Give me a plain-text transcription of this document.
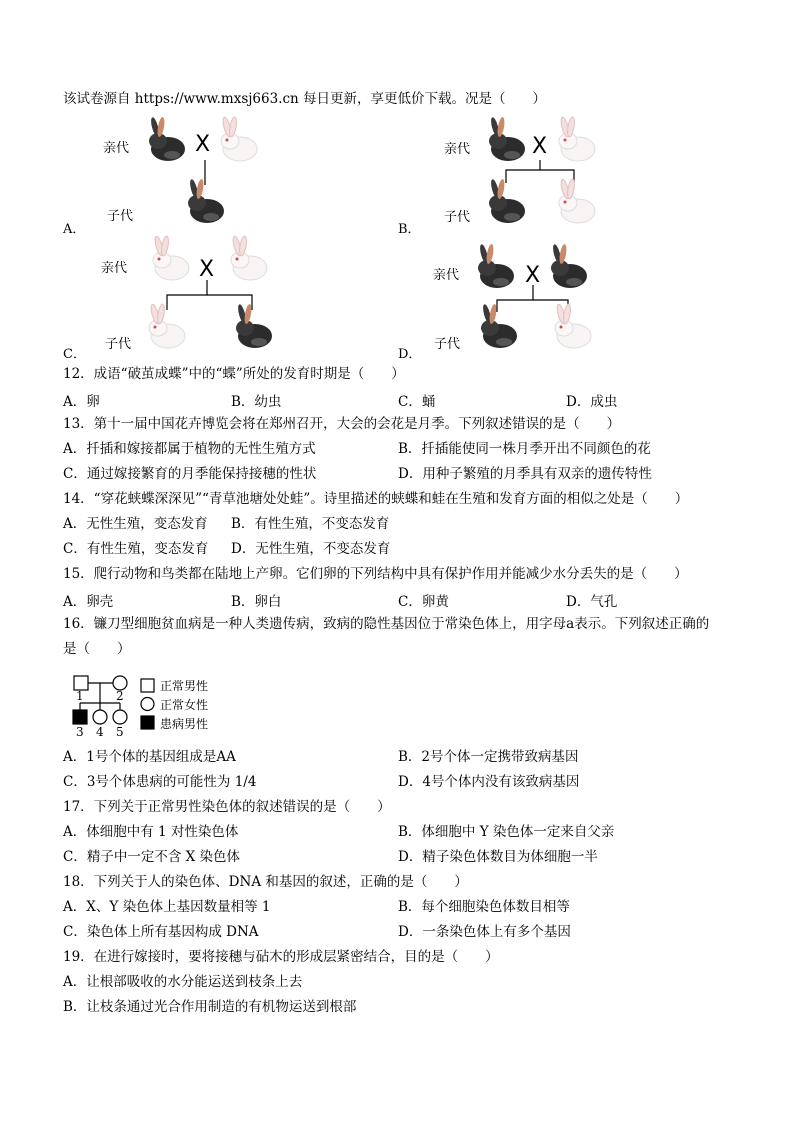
该试卷源自 https://www.mxsj663.cn 每日更新，享更低价下载。况是（　　）
亲代	X
子代
A．
亲代	X
子代
B．
亲代	X
子代
C．
亲代	X
子代
D．
12．成语“破茧成蝶”中的“蝶”所处的发育时期是（　　）
A．卵	B．幼虫	C．蛹	D．成虫
13．第十一届中国花卉博览会将在郑州召开，大会的会花是月季。下列叙述错误的是（　　）
A．扦插和嫁接都属于植物的无性生殖方式	B．扦插能使同一株月季开出不同颜色的花
C．通过嫁接繁育的月季能保持接穗的性状	D．用种子繁殖的月季具有双亲的遗传特性
14．“穿花蛱蝶深深见”“青草池塘处处蛙”。诗里描述的蛱蝶和蛙在生殖和发育方面的相似之处是（　　）
A．无性生殖，变态发育 B．有性生殖，不变态发育
C．有性生殖，变态发育 D．无性生殖，不变态发育
15．爬行动物和鸟类都在陆地上产卵。它们卵的下列结构中具有保护作用并能减少水分丢失的是（　　）
A．卵壳	B．卵白	C．卵黄	D．气孔
16．镰刀型细胞贫血病是一种人类遗传病，致病的隐性基因位于常染色体上，用字母a表示。下列叙述正确的
是（　　）
1	2
3 4 5
正常男性
正常女性
患病男性
A．1号个体的基因组成是AA	B．2号个体一定携带致病基因
C．3号个体患病的可能性为 1/4	D．4号个体内没有该致病基因
17．下列关于正常男性染色体的叙述错误的是（　　）
A．体细胞中有 1 对性染色体	B．体细胞中 Y 染色体一定来自父亲
C．精子中一定不含 X 染色体	D．精子染色体数目为体细胞一半
18．下列关于人的染色体、DNA 和基因的叙述，正确的是（　　）
A．X、Y 染色体上基因数量相等 1	B．每个细胞染色体数目相等
C．染色体上所有基因构成 DNA	D．一条染色体上有多个基因
19．在进行嫁接时，要将接穗与砧木的形成层紧密结合，目的是（　　）
A．让根部吸收的水分能运送到枝条上去
B．让枝条通过光合作用制造的有机物运送到根部
